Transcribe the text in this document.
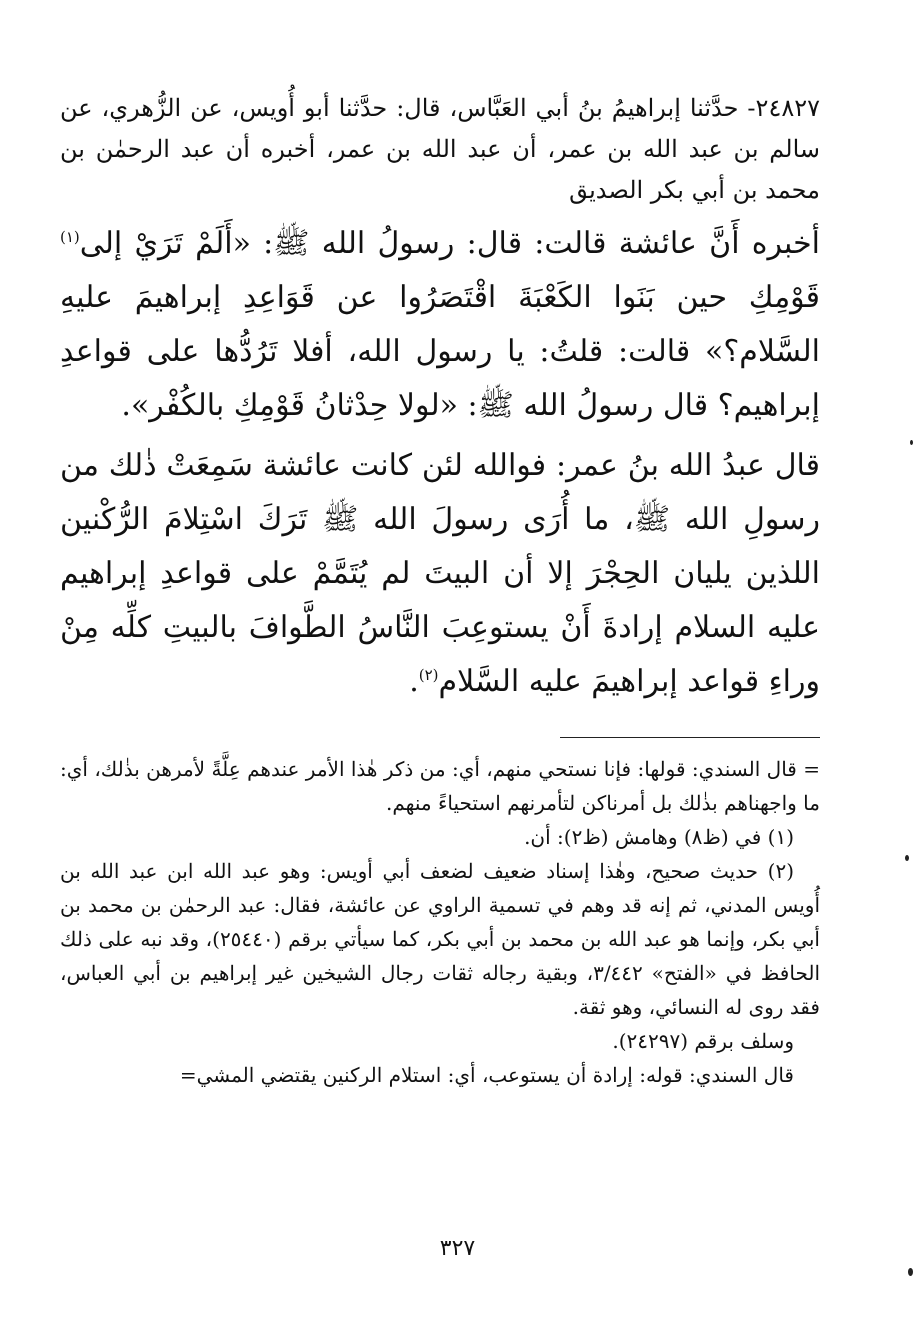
٢٤٨٢٧- حدَّثنا إبراهيمُ بنُ أبي العَبَّاس، قال: حدَّثنا أبو أُويس، عن الزُّهري، عن سالم بن عبد الله بن عمر، أن عبد الله بن عمر، أخبره أن عبد الرحمٰن بن محمد بن أبي بكر الصديق

أخبره أَنَّ عائشة قالت: قال: رسولُ الله ﷺ: «أَلَمْ تَرَيْ إلى$^{(١)}$ قَوْمِكِ حين بَنَوا الكَعْبَةَ اقْتَصَرُوا عن قَوَاعِدِ إبراهيمَ عليهِ السَّلام؟» قالت: قلتُ: يا رسول الله، أفلا تَرُدُّها على قواعدِ إبراهيم؟ قال رسولُ الله ﷺ: «لولا حِدْثانُ قَوْمِكِ بالكُفْر».

قال عبدُ الله بنُ عمر: فوالله لئن كانت عائشة سَمِعَتْ ذٰلك من رسولِ الله ﷺ، ما أُرَى رسولَ الله ﷺ تَرَكَ اسْتِلامَ الرُّكْنين اللذين يليان الحِجْرَ إلا أن البيتَ لم يُتَمَّمْ على قواعدِ إبراهيم عليه السلام إرادةَ أَنْ يستوعِبَ النَّاسُ الطَّوافَ بالبيتِ كلِّه مِنْ وراءِ قواعد إبراهيمَ عليه السَّلام$^{(٢)}$.

= قال السندي: قولها: فإنا نستحي منهم، أي: من ذكر هٰذا الأمر عندهم عِلَّةً لأمرهن بذٰلك، أي: ما واجهناهم بذٰلك بل أمرناكن لتأمرنهم استحياءً منهم.

(١) في (ظ٨) وهامش (ظ٢): أن.

(٢) حديث صحيح، وهٰذا إسناد ضعيف لضعف أبي أويس: وهو عبد الله ابن عبد الله بن أُويس المدني، ثم إنه قد وهم في تسمية الراوي عن عائشة، فقال: عبد الرحمٰن بن محمد بن أبي بكر، وإنما هو عبد الله بن محمد بن أبي بكر، كما سيأتي برقم (٢٥٤٤٠)، وقد نبه على ذلك الحافظ في «الفتح» ٣/٤٤٢، وبقية رجاله ثقات رجال الشيخين غير إبراهيم بن أبي العباس، فقد روى له النسائي، وهو ثقة.

وسلف برقم (٢٤٢٩٧).

قال السندي: قوله: إرادة أن يستوعب، أي: استلام الركنين يقتضي المشي=

٣٢٧
